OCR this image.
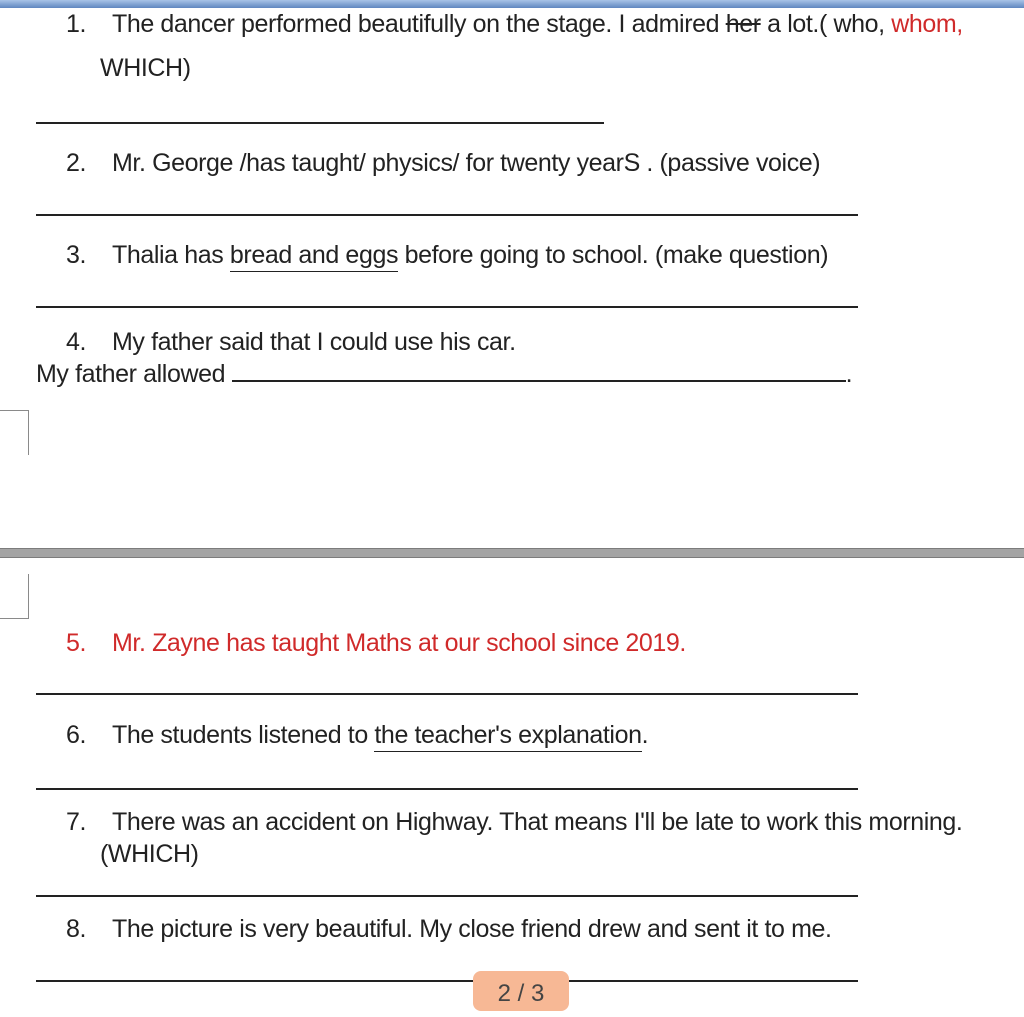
1. The dancer performed beautifully on the stage. I admired her a lot.( who, whom,
WHICH)
2. Mr. George /has taught/ physics/ for twenty yearS . (passive voice)
3. Thalia has bread and eggs before going to school. (make question)
4. My father said that I could use his car.
My father allowed	.
5. Mr. Zayne has taught Maths at our school since 2019.
6. The students listened to the teacher's explanation.
7. There was an accident on Highway. That means I'll be late to work this morning.
(WHICH)
8. The picture is very beautiful. My close friend drew and sent it to me.
2 / 3
